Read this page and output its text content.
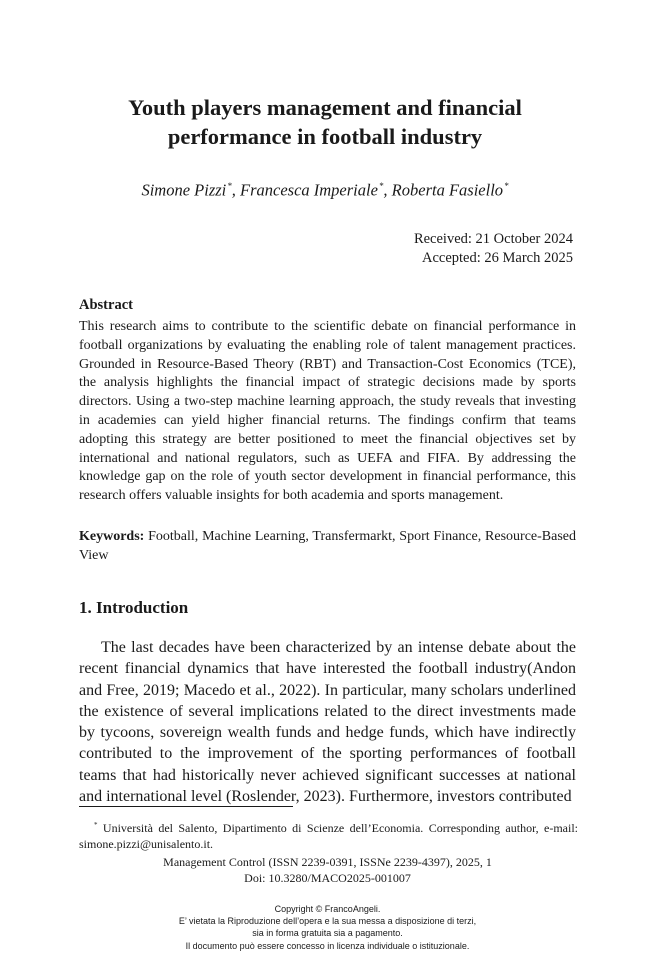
Youth players management and financial
performance in football industry
Simone Pizzi*, Francesca Imperiale*, Roberta Fasiello*
Received: 21 October 2024
Accepted: 26 March 2025
Abstract

This research aims to contribute to the scientific debate on financial performance in football organizations by evaluating the enabling role of talent management practices. Grounded in Resource-Based Theory (RBT) and Transaction-Cost Economics (TCE), the analysis highlights the financial impact of strategic decisions made by sports directors. Using a two-step machine learning approach, the study reveals that investing in academies can yield higher financial returns. The findings confirm that teams adopting this strategy are better positioned to meet the financial objectives set by international and national regulators, such as UEFA and FIFA. By addressing the knowledge gap on the role of youth sector development in financial performance, this research offers valuable insights for both academia and sports management.

Keywords: Football, Machine Learning, Transfermarkt, Sport Finance, Resource-Based View

1. Introduction

The last decades have been characterized by an intense debate about the recent financial dynamics that have interested the football industry(Andon and Free, 2019; Macedo et al., 2022). In particular, many scholars underlined the existence of several implications related to the direct investments made by tycoons, sovereign wealth funds and hedge funds, which have indirectly contributed to the improvement of the sporting performances of football teams that had historically never achieved significant successes at national and international level (Roslender, 2023). Furthermore, investors contributed

* Università del Salento, Dipartimento di Scienze dell’Economia. Corresponding author, e-mail: simone.pizzi@unisalento.it.

Management Control (ISSN 2239-0391, ISSNe 2239-4397), 2025, 1
Doi: 10.3280/MACO2025-001007
Copyright © FrancoAngeli.
E’ vietata la Riproduzione dell’opera e la sua messa a disposizione di terzi,
sia in forma gratuita sia a pagamento.
Il documento può essere concesso in licenza individuale o istituzionale.
